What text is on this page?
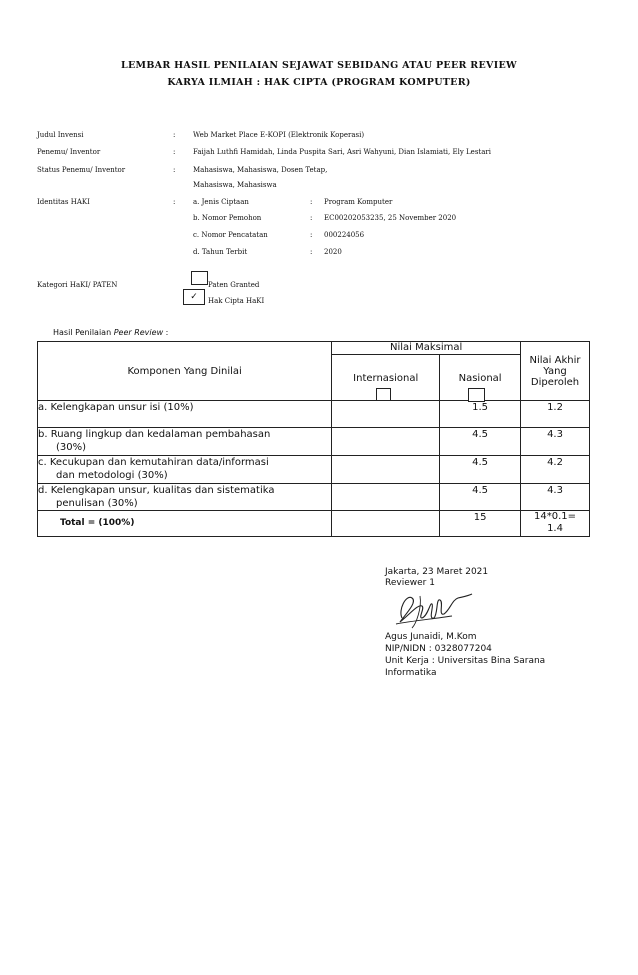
LEMBAR HASIL PENILAIAN SEJAWAT SEBIDANG ATAU PEER REVIEW
KARYA ILMIAH : HAK CIPTA (PROGRAM KOMPUTER)
Judul Invensi	:	Web Market Place E-KOPI (Elektronik Koperasi)
Penemu/ Inventor	:	Faijah Luthfi Hamidah, Linda Puspita Sari, Asri Wahyuni, Dian Islamiati, Ely Lestari
Status Penemu/ Inventor	:	Mahasiswa, Mahasiswa, Dosen Tetap,
Mahasiswa, Mahasiswa
Identitas HAKI	:	a. Jenis Ciptaan	: Program Komputer
b. Nomor Pemohon	: EC00202053235, 25 November 2020
c. Nomor Pencatatan	: 000224056
d. Tahun Terbit	: 2020
Kategori HaKI/ PATEN	Paten Granted
✓	Hak Cipta HaKI
Hasil Penilaian Peer Review :
Komponen Yang Dinilai	Nilai Maksimal		Nilai Akhir
Yang
Diperoleh

	Internasional	Nasional	

a. Kelengkapan unsur isi (10%)		1.5	1.2

b. Ruang lingkup dan kedalaman pembahasan
(30%)		4.5	4.3

c. Kecukupan dan kemutahiran data/informasi
dan metodologi (30%)		4.5	4.2

d. Kelengkapan unsur, kualitas dan sistematika
penulisan (30%)		4.5	4.3

Total = (100%)		15	14*0.1=
1.4
Jakarta, 23 Maret 2021
Reviewer 1
Agus Junaidi, M.Kom
NIP/NIDN : 0328077204
Unit Kerja : Universitas Bina Sarana
Informatika
